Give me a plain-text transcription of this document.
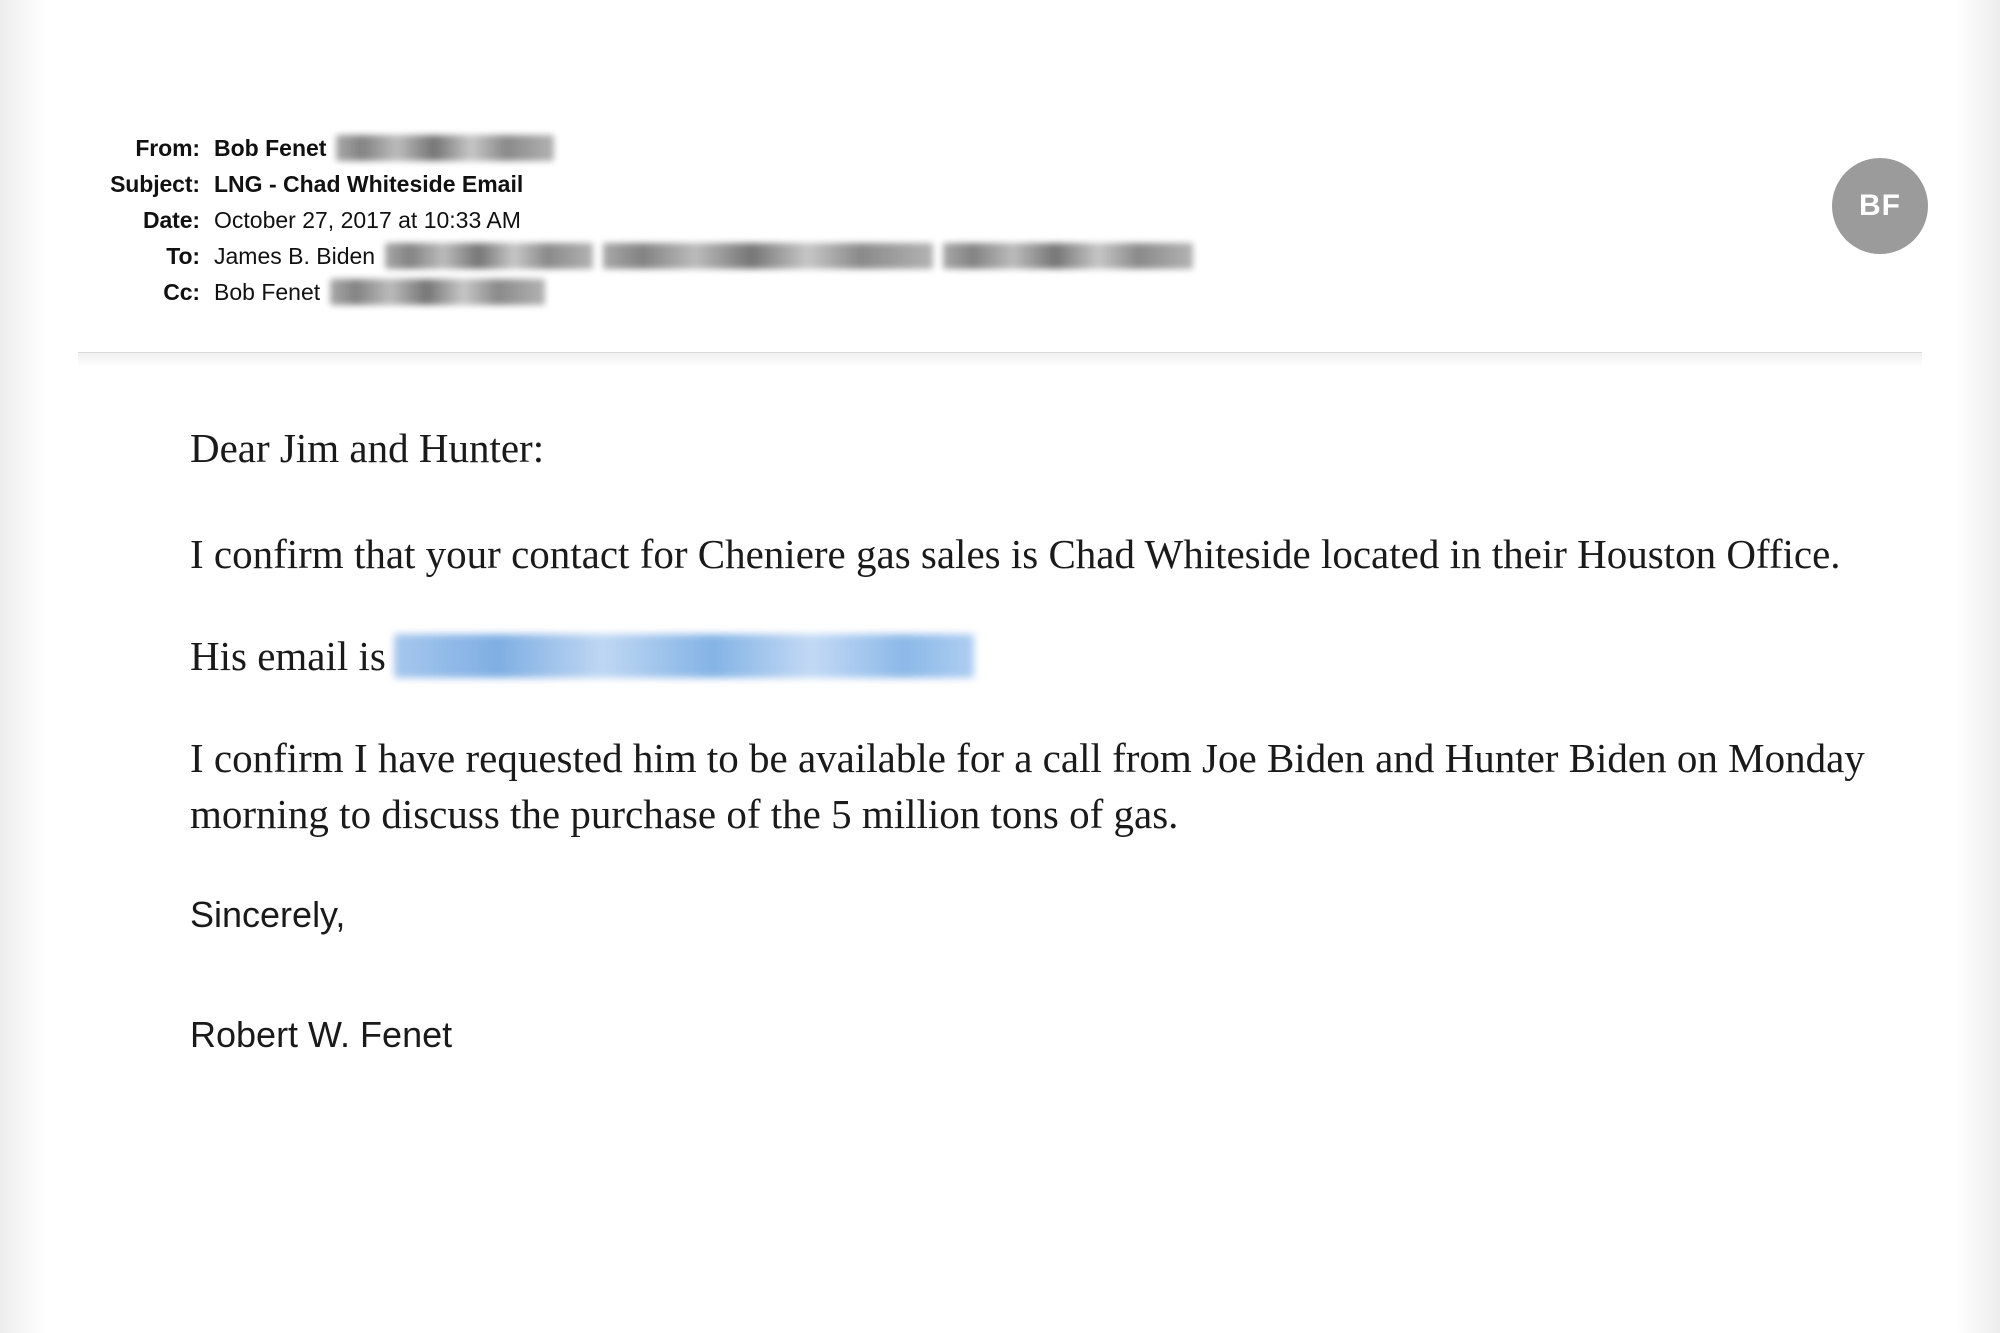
From: Bob Fenet
Subject: LNG - Chad Whiteside Email
Date: October 27, 2017 at 10:33 AM
To: James B. Biden
Cc: Bob Fenet
BF

Dear Jim and Hunter:

I confirm that your contact for Cheniere gas sales is Chad Whiteside located in their Houston Office.

His email is

I confirm I have requested him to be available for a call from Joe Biden and Hunter Biden on Monday morning to discuss the purchase of the 5 million tons of gas.

Sincerely,

Robert W. Fenet
